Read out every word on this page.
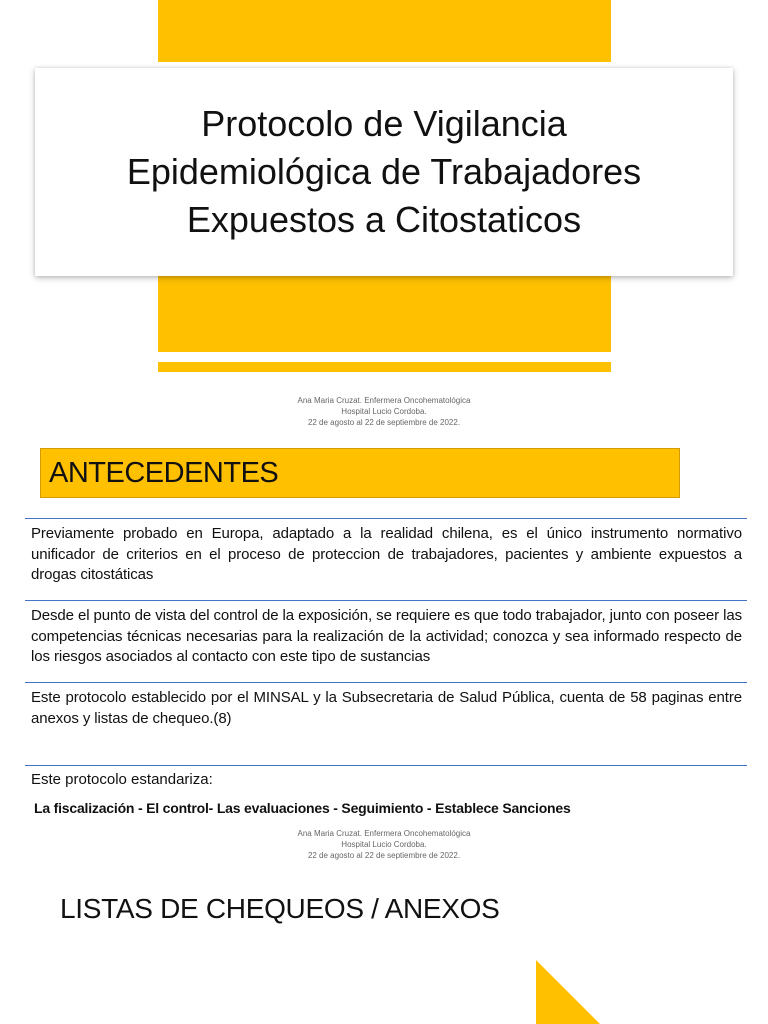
Protocolo de Vigilancia
Epidemiológica de Trabajadores
Expuestos a Citostaticos
Ana Maria Cruzat. Enfermera Oncohematológica
Hospital Lucio Cordoba.
22 de agosto al 22 de septiembre de 2022.
ANTECEDENTES
Previamente probado en Europa, adaptado a la realidad chilena, es el único instrumento normativo unificador de criterios en el proceso de proteccion de trabajadores, pacientes y ambiente expuestos a drogas citostáticas
Desde el punto de vista del control de la exposición, se requiere es que todo trabajador, junto con poseer las competencias técnicas necesarias para la realización de la actividad; conozca y sea informado respecto de los riesgos asociados al contacto con este tipo de sustancias
Este protocolo establecido por el MINSAL y la Subsecretaria de Salud Pública, cuenta de 58 paginas entre anexos y listas de chequeo.(8)
Este protocolo estandariza:
La fiscalización - El control- Las evaluaciones - Seguimiento - Establece Sanciones
Ana Maria Cruzat. Enfermera Oncohematológica
Hospital Lucio Cordoba.
22 de agosto al 22 de septiembre de 2022.
LISTAS DE CHEQUEOS / ANEXOS
